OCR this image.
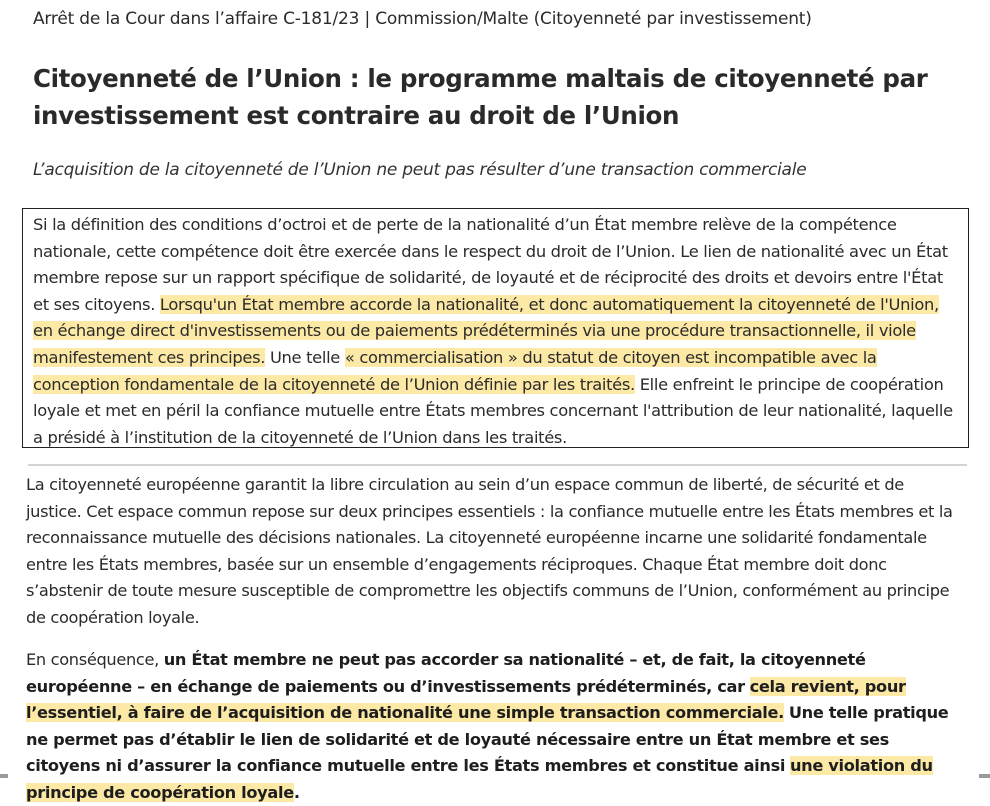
Arrêt de la Cour dans l’affaire C-181/23 | Commission/Malte (Citoyenneté par investissement)
Citoyenneté de l’Union : le programme maltais de citoyenneté par investissement est contraire au droit de l’Union
L’acquisition de la citoyenneté de l’Union ne peut pas résulter d’une transaction commerciale
Si la définition des conditions d’octroi et de perte de la nationalité d’un État membre relève de la compétence nationale, cette compétence doit être exercée dans le respect du droit de l’Union. Le lien de nationalité avec un État membre repose sur un rapport spécifique de solidarité, de loyauté et de réciprocité des droits et devoirs entre l'État et ses citoyens. Lorsqu'un État membre accorde la nationalité, et donc automatiquement la citoyenneté de l'Union, en échange direct d'investissements ou de paiements prédéterminés via une procédure transactionnelle, il viole manifestement ces principes. Une telle « commercialisation » du statut de citoyen est incompatible avec la conception fondamentale de la citoyenneté de l’Union définie par les traités. Elle enfreint le principe de coopération loyale et met en péril la confiance mutuelle entre États membres concernant l'attribution de leur nationalité, laquelle a présidé à l’institution de la citoyenneté de l’Union dans les traités.

La citoyenneté européenne garantit la libre circulation au sein d’un espace commun de liberté, de sécurité et de justice. Cet espace commun repose sur deux principes essentiels : la confiance mutuelle entre les États membres et la reconnaissance mutuelle des décisions nationales. La citoyenneté européenne incarne une solidarité fondamentale entre les États membres, basée sur un ensemble d’engagements réciproques. Chaque État membre doit donc s’abstenir de toute mesure susceptible de compromettre les objectifs communs de l’Union, conformément au principe de coopération loyale.

En conséquence, un État membre ne peut pas accorder sa nationalité – et, de fait, la citoyenneté européenne – en échange de paiements ou d’investissements prédéterminés, car cela revient, pour l’essentiel, à faire de l’acquisition de nationalité une simple transaction commerciale. Une telle pratique ne permet pas d’établir le lien de solidarité et de loyauté nécessaire entre un État membre et ses citoyens ni d’assurer la confiance mutuelle entre les États membres et constitue ainsi une violation du principe de coopération loyale.
